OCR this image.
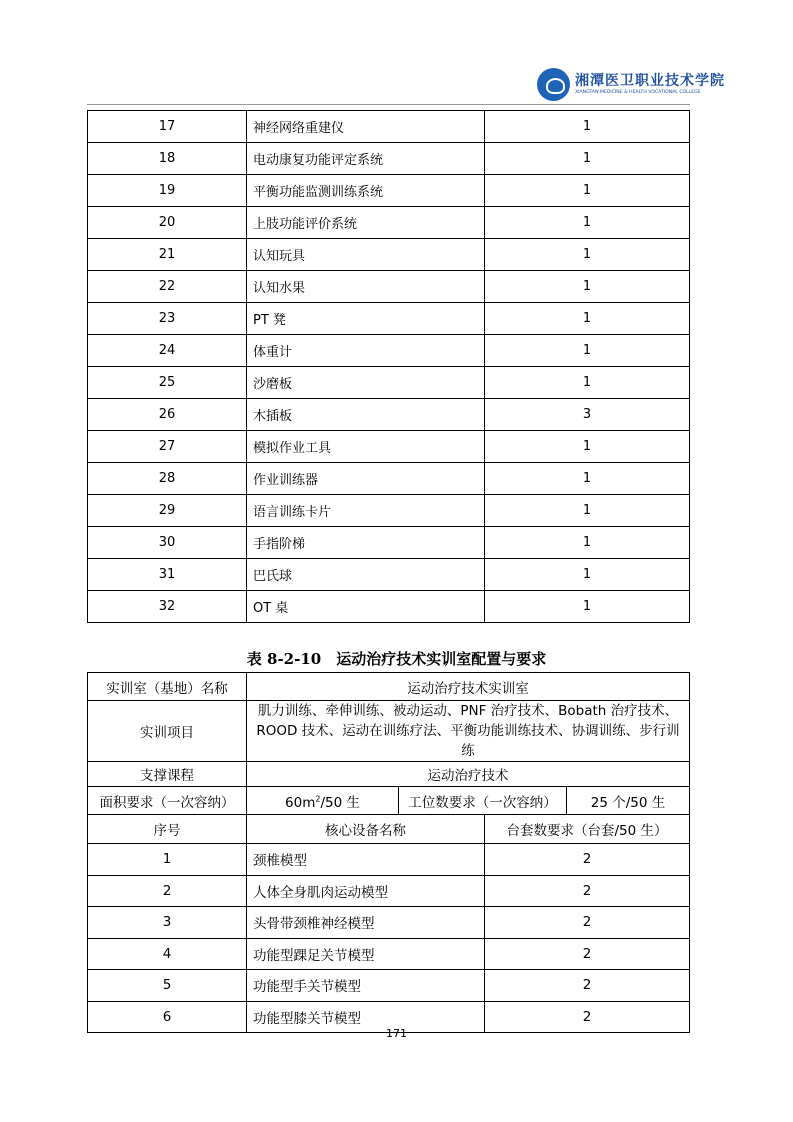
湘潭医卫职业技术学院
XIANGTAN MEDICINE & HEALTH VOCATIONAL COLLEGE
17	神经网络重建仪	1
18	电动康复功能评定系统	1
19	平衡功能监测训练系统	1
20	上肢功能评价系统	1
21	认知玩具	1
22	认知水果	1
23	PT 凳	1
24	体重计	1
25	沙磨板	1
26	木插板	3
27	模拟作业工具	1
28	作业训练器	1
29	语言训练卡片	1
30	手指阶梯	1
31	巴氏球	1
32	OT 桌	1
表 8-2-10　运动治疗技术实训室配置与要求
实训室（基地）名称	运动治疗技术实训室			
实训项目	肌力训练、牵伸训练、被动运动、PNF 治疗技术、Bobath 治疗技术、ROOD 技术、运动在训练疗法、平衡功能训练技术、协调训练、步行训练			
支撑课程	运动治疗技术			
面积要求（一次容纳）	$60m^2/50$ 生	工位数要求（一次容纳）		25 个/50 生
序号	核心设备名称		台套数要求（台套/50 生）	
1	颈椎模型		2	
2	人体全身肌肉运动模型		2	
3	头骨带颈椎神经模型		2	
4	功能型踝足关节模型		2	
5	功能型手关节模型		2	
6	功能型膝关节模型		2	
171
